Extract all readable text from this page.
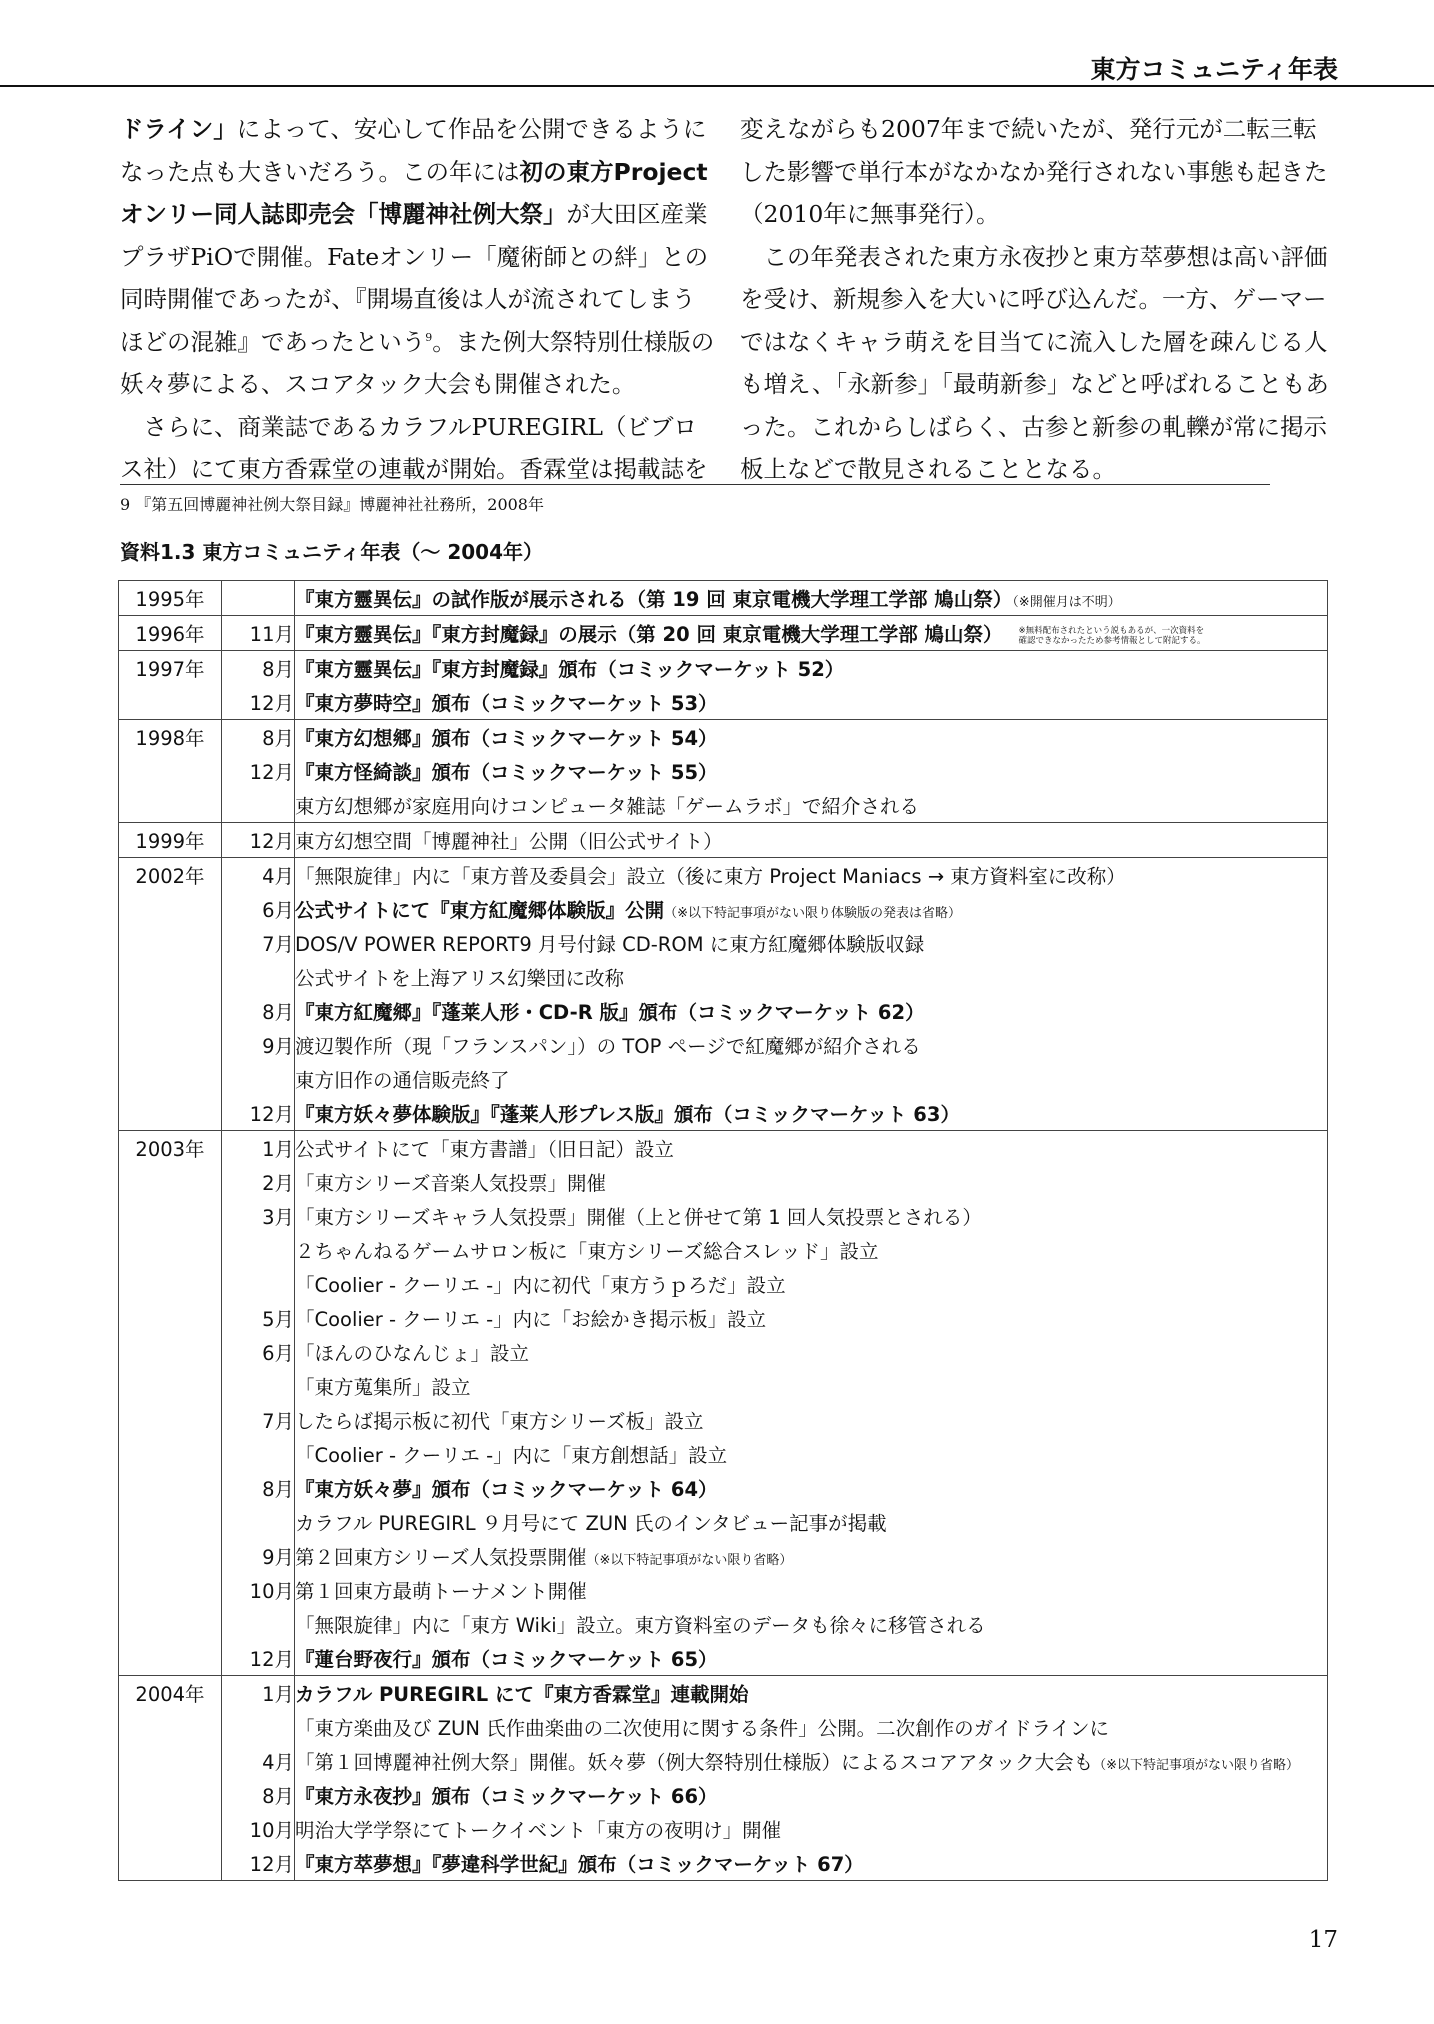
東方コミュニティ年表

ドライン」によって、安心して作品を公開できるようになった点も大きいだろう。この年には初の東方Project オンリー同人誌即売会「博麗神社例大祭」が大田区産業プラザPiOで開催。Fateオンリー「魔術師との絆」との同時開催であったが、『開場直後は人が流されてしまうほどの混雑』であったという$^9$。また例大祭特別仕様版の妖々夢による、スコアタック大会も開催された。

さらに、商業誌であるカラフルPUREGIRL（ビブロス社）にて東方香霖堂の連載が開始。香霖堂は掲載誌を

変えながらも2007年まで続いたが、発行元が二転三転した影響で単行本がなかなか発行されない事態も起きた（2010年に無事発行）。

この年発表された東方永夜抄と東方萃夢想は高い評価を受け、新規参入を大いに呼び込んだ。一方、ゲーマーではなくキャラ萌えを目当てに流入した層を疎んじる人も増え、「永新参」「最萌新参」などと呼ばれることもあった。これからしばらく、古参と新参の軋轢が常に掲示板上などで散見されることとなる。

9 『第五回博麗神社例大祭目録』博麗神社社務所，2008年
資料1.3 東方コミュニティ年表（～ 2004年）
1995年		『東方靈異伝』の試作版が展示される（第 19 回 東京電機大学理工学部 鳩山祭）（※開催月は不明）
1996年	11月	『東方靈異伝』『東方封魔録』の展示（第 20 回 東京電機大学理工学部 鳩山祭） ※無料配布されたという説もあるが、一次資料を
確認できなかったため参考情報として附記する。

1997年	8月	『東方靈異伝』『東方封魔録』頒布（コミックマーケット 52）
	12月	『東方夢時空』頒布（コミックマーケット 53）
1998年	8月	『東方幻想郷』頒布（コミックマーケット 54）
	12月	『東方怪綺談』頒布（コミックマーケット 55）
		東方幻想郷が家庭用向けコンピュータ雑誌「ゲームラボ」で紹介される
1999年	12月	東方幻想空間「博麗神社」公開（旧公式サイト）
2002年	4月	「無限旋律」内に「東方普及委員会」設立（後に東方 Project Maniacs → 東方資料室に改称）
	6月	公式サイトにて『東方紅魔郷体験版』公開（※以下特記事項がない限り体験版の発表は省略）
	7月	DOS/V POWER REPORT9 月号付録 CD-ROM に東方紅魔郷体験版収録
		公式サイトを上海アリス幻樂団に改称
	8月	『東方紅魔郷』『蓬莱人形・CD-R 版』頒布（コミックマーケット 62）
	9月	渡辺製作所（現「フランスパン」）の TOP ページで紅魔郷が紹介される
		東方旧作の通信販売終了
	12月	『東方妖々夢体験版』『蓬莱人形プレス版』頒布（コミックマーケット 63）
2003年	1月	公式サイトにて「東方書譜」（旧日記）設立
	2月	「東方シリーズ音楽人気投票」開催
	3月	「東方シリーズキャラ人気投票」開催（上と併せて第 1 回人気投票とされる）
		２ちゃんねるゲームサロン板に「東方シリーズ総合スレッド」設立
		「Coolier - クーリエ -」内に初代「東方うｐろだ」設立
	5月	「Coolier - クーリエ -」内に「お絵かき掲示板」設立
	6月	「ほんのひなんじょ」設立
		「東方蒐集所」設立
	7月	したらば掲示板に初代「東方シリーズ板」設立
		「Coolier - クーリエ -」内に「東方創想話」設立
	8月	『東方妖々夢』頒布（コミックマーケット 64）
		カラフル PUREGIRL ９月号にて ZUN 氏のインタビュー記事が掲載
	9月	第２回東方シリーズ人気投票開催（※以下特記事項がない限り省略）
	10月	第１回東方最萌トーナメント開催
		「無限旋律」内に「東方 Wiki」設立。東方資料室のデータも徐々に移管される
	12月	『蓮台野夜行』頒布（コミックマーケット 65）
2004年	1月	カラフル PUREGIRL にて『東方香霖堂』連載開始
		「東方楽曲及び ZUN 氏作曲楽曲の二次使用に関する条件」公開。二次創作のガイドラインに
	4月	「第１回博麗神社例大祭」開催。妖々夢（例大祭特別仕様版）によるスコアアタック大会も（※以下特記事項がない限り省略）
	8月	『東方永夜抄』頒布（コミックマーケット 66）
	10月	明治大学学祭にてトークイベント「東方の夜明け」開催
	12月	『東方萃夢想』『夢違科学世紀』頒布（コミックマーケット 67）
17
